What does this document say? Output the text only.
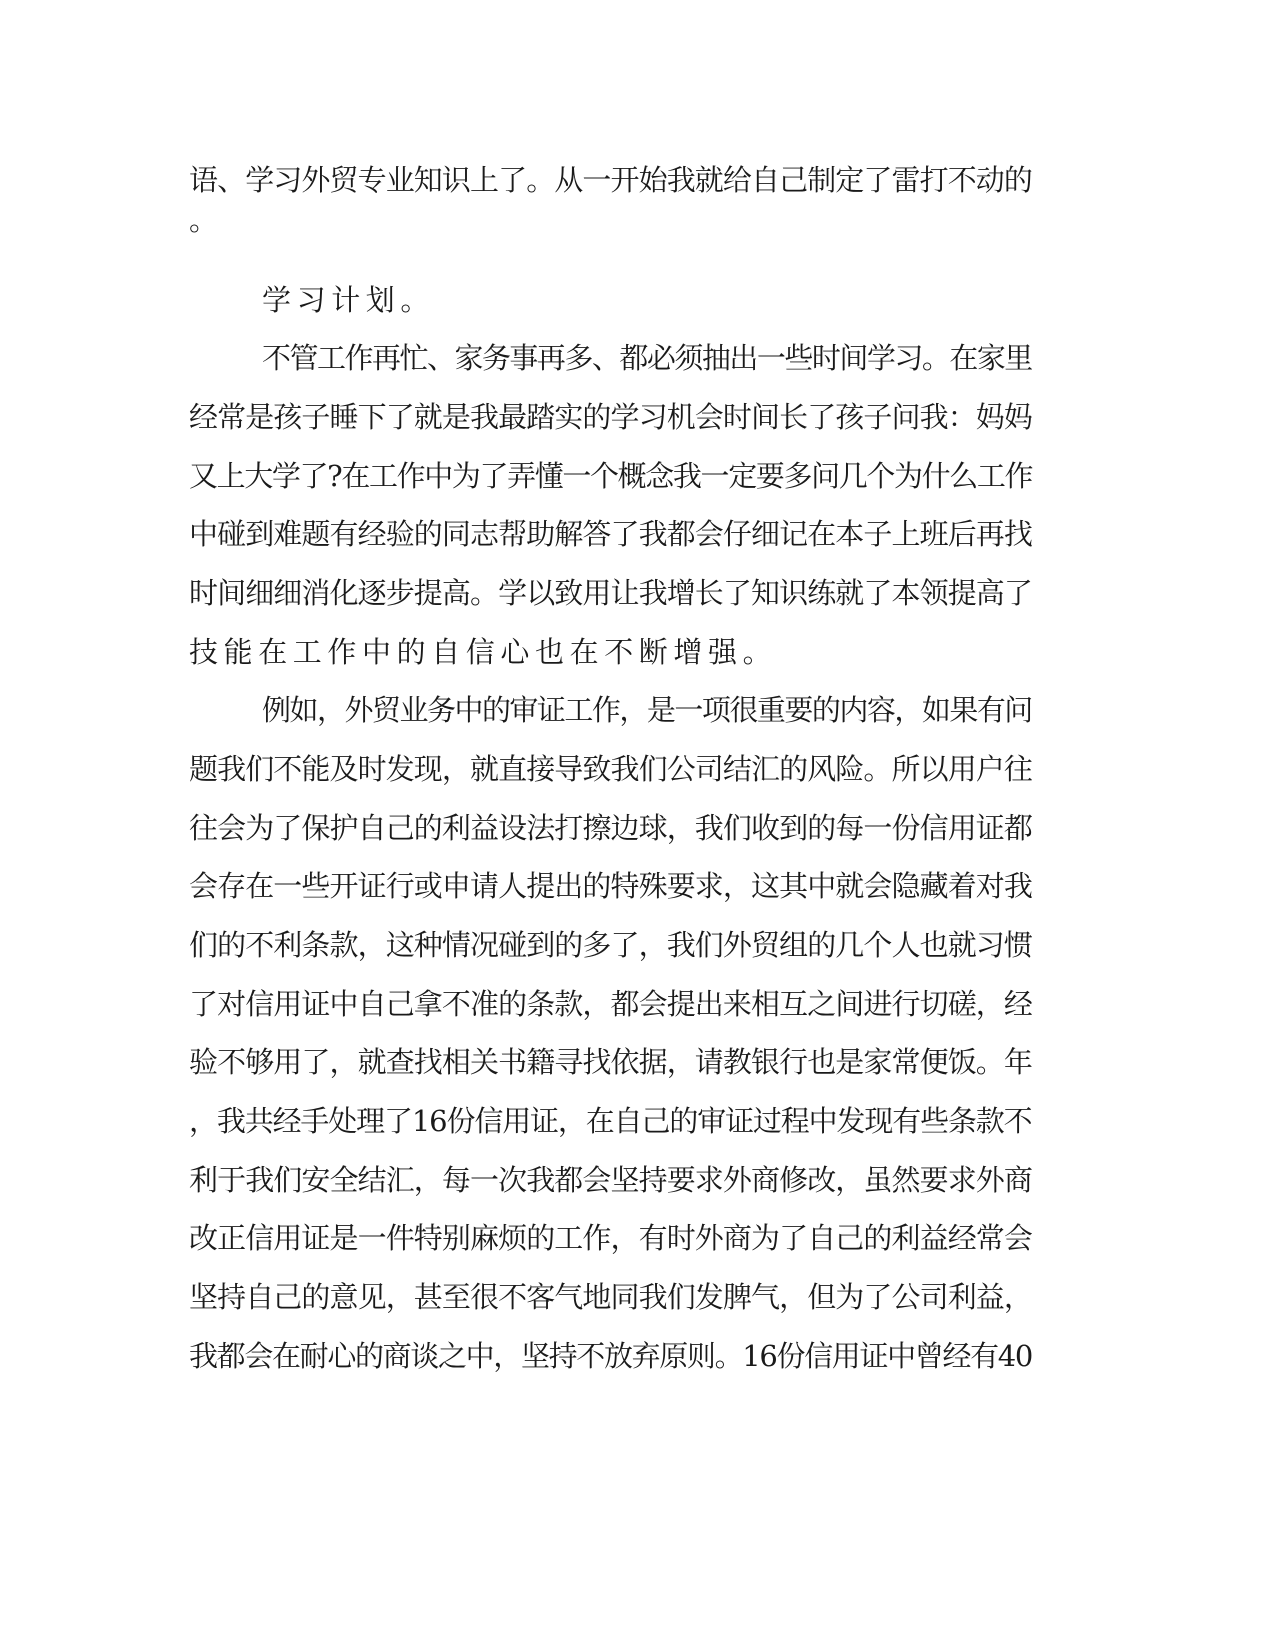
语、学习外贸专业知识上了。从一开始我就给自己制定了雷打不动的
。
学习计划。
不管工作再忙、家务事再多、都必须抽出一些时间学习。在家里
经常是孩子睡下了就是我最踏实的学习机会时间长了孩子问我：妈妈
又上大学了?在工作中为了弄懂一个概念我一定要多问几个为什么工作
中碰到难题有经验的同志帮助解答了我都会仔细记在本子上班后再找
时间细细消化逐步提高。学以致用让我增长了知识练就了本领提高了
技能在工作中的自信心也在不断增强。
例如，外贸业务中的审证工作，是一项很重要的内容，如果有问
题我们不能及时发现，就直接导致我们公司结汇的风险。所以用户往
往会为了保护自己的利益设法打擦边球，我们收到的每一份信用证都
会存在一些开证行或申请人提出的特殊要求，这其中就会隐藏着对我
们的不利条款，这种情况碰到的多了，我们外贸组的几个人也就习惯
了对信用证中自己拿不准的条款，都会提出来相互之间进行切磋，经
验不够用了，就查找相关书籍寻找依据，请教银行也是家常便饭。年
，我共经手处理了16份信用证，在自己的审证过程中发现有些条款不
利于我们安全结汇，每一次我都会坚持要求外商修改，虽然要求外商
改正信用证是一件特别麻烦的工作，有时外商为了自己的利益经常会
坚持自己的意见，甚至很不客气地同我们发脾气，但为了公司利益，
我都会在耐心的商谈之中，坚持不放弃原则。16份信用证中曾经有40
